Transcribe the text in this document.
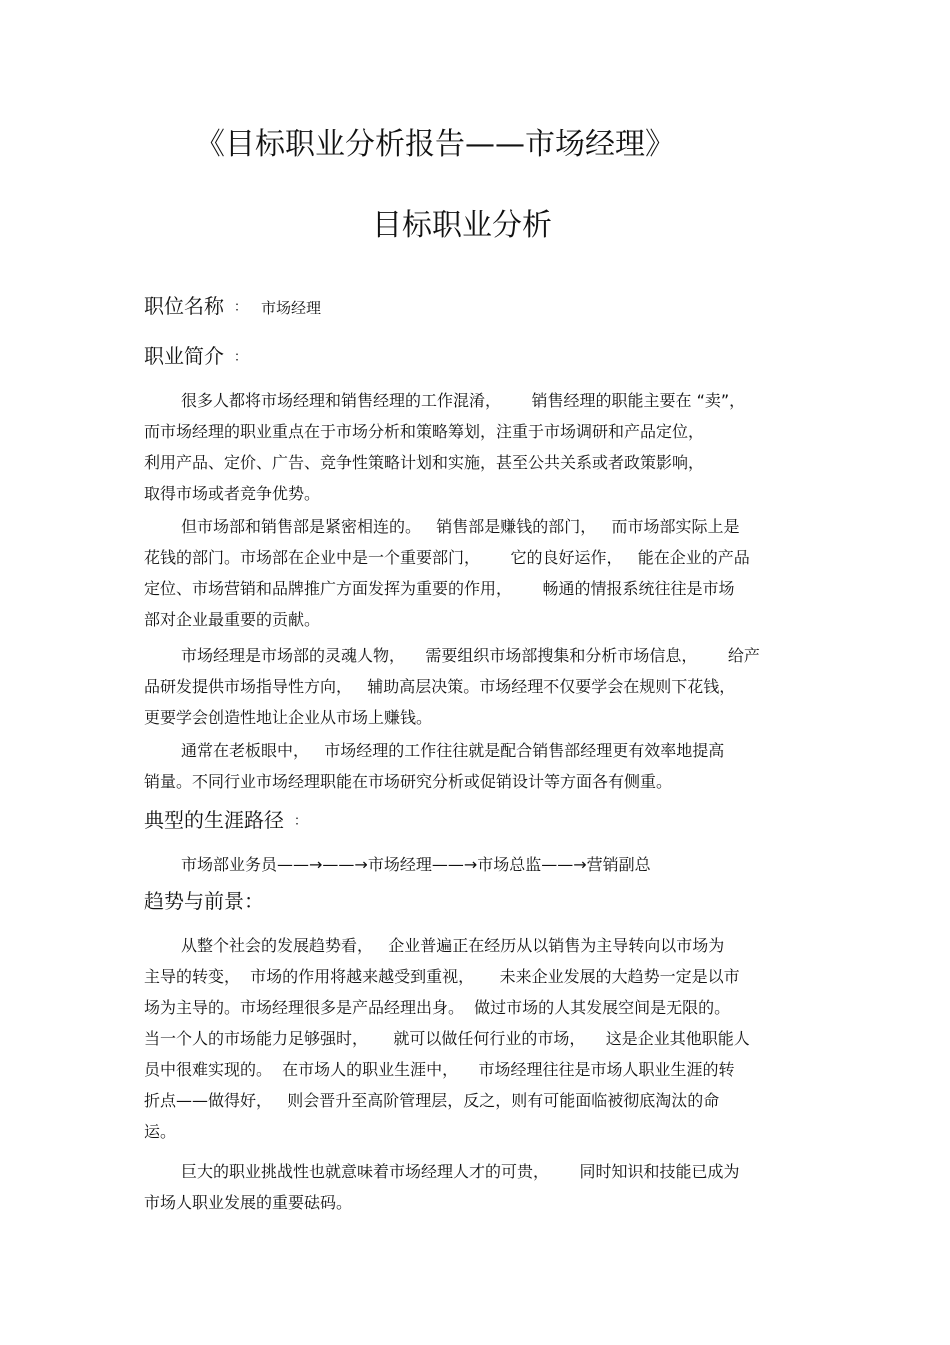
《目标职业分析报告——市场经理》
目标职业分析
职位名称 ： 市场经理
职业简介 ：
很多人都将市场经理和销售经理的工作混淆，      销售经理的职能主要在 “卖”，
而市场经理的职业重点在于市场分析和策略筹划，注重于市场调研和产品定位，
利用产品、定价、广告、竞争性策略计划和实施，甚至公共关系或者政策影响，
取得市场或者竞争优势。
但市场部和销售部是紧密相连的。   销售部是赚钱的部门，   而市场部实际上是
花钱的部门。市场部在企业中是一个重要部门，      它的良好运作，   能在企业的产品
定位、市场营销和品牌推广方面发挥为重要的作用，      畅通的情报系统往往是市场
部对企业最重要的贡献。
市场经理是市场部的灵魂人物，    需要组织市场部搜集和分析市场信息，      给产
品研发提供市场指导性方向，   辅助高层决策。市场经理不仅要学会在规则下花钱，
更要学会创造性地让企业从市场上赚钱。
通常在老板眼中，   市场经理的工作往往就是配合销售部经理更有效率地提高
销量。不同行业市场经理职能在市场研究分析或促销设计等方面各有侧重。
典型的生涯路径 ：
市场部业务员——→——→市场经理——→市场总监——→营销副总
趋势与前景：
从整个社会的发展趋势看，   企业普遍正在经历从以销售为主导转向以市场为
主导的转变，  市场的作用将越来越受到重视，     未来企业发展的大趋势一定是以市
场为主导的。市场经理很多是产品经理出身。  做过市场的人其发展空间是无限的。
当一个人的市场能力足够强时，     就可以做任何行业的市场，    这是企业其他职能人
员中很难实现的。  在市场人的职业生涯中，    市场经理往往是市场人职业生涯的转
折点——做得好，   则会晋升至高阶管理层，反之，则有可能面临被彻底淘汰的命
运。
巨大的职业挑战性也就意味着市场经理人才的可贵，      同时知识和技能已成为
市场人职业发展的重要砝码。
